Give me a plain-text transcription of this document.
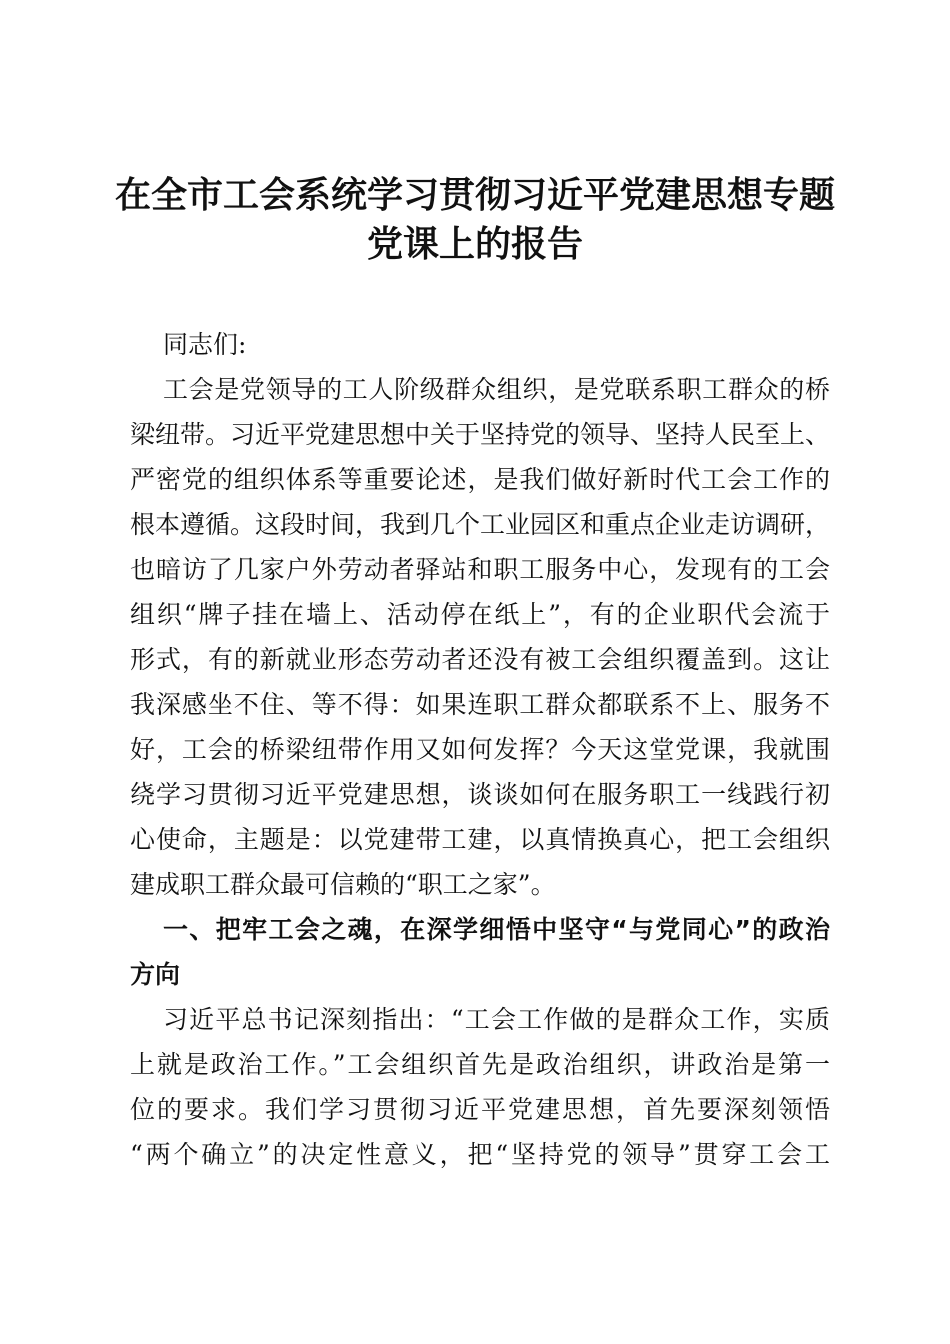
在全市工会系统学习贯彻习近平党建思想专题
党课上的报告
同志们:
工会是党领导的工人阶级群众组织，是党联系职工群众的桥
梁纽带。习近平党建思想中关于坚持党的领导、坚持人民至上、
严密党的组织体系等重要论述，是我们做好新时代工会工作的
根本遵循。这段时间，我到几个工业园区和重点企业走访调研，
也暗访了几家户外劳动者驿站和职工服务中心，发现有的工会
组织“牌子挂在墙上、活动停在纸上”，有的企业职代会流于
形式，有的新就业形态劳动者还没有被工会组织覆盖到。这让
我深感坐不住、等不得：如果连职工群众都联系不上、服务不
好，工会的桥梁纽带作用又如何发挥？今天这堂党课，我就围
绕学习贯彻习近平党建思想，谈谈如何在服务职工一线践行初
心使命，主题是：以党建带工建，以真情换真心，把工会组织
建成职工群众最可信赖的“职工之家”。
一、把牢工会之魂，在深学细悟中坚守“与党同心”的政治
方向
习近平总书记深刻指出：“工会工作做的是群众工作，实质
上就是政治工作。”工会组织首先是政治组织，讲政治是第一
位的要求。我们学习贯彻习近平党建思想，首先要深刻领悟
“两个确立”的决定性意义，把“坚持党的领导”贯穿工会工
